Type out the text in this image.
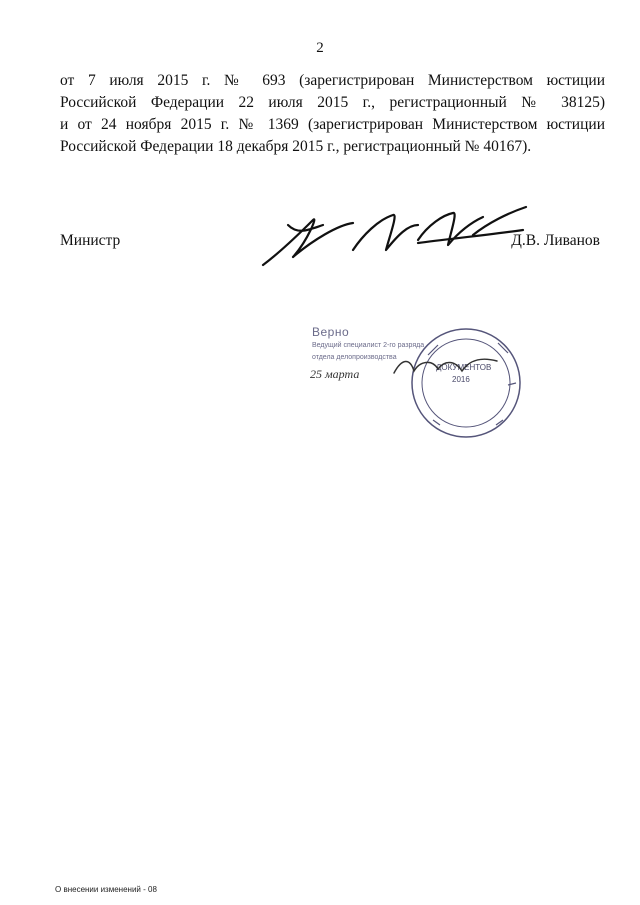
2
от 7 июля 2015 г. № 693 (зарегистрирован Министерством юстиции
Российской Федерации 22 июля 2015 г., регистрационный № 38125)
и от 24 ноября 2015 г. № 1369 (зарегистрирован Министерством юстиции
Российской Федерации 18 декабря 2015 г., регистрационный № 40167).
Министр	Д.В. Ливанов
Верно
Ведущий специалист 2-го разряда
отдела делопроизводства
ДОКУМЕНТОВ
2016
25 марта
О внесении изменений - 08
